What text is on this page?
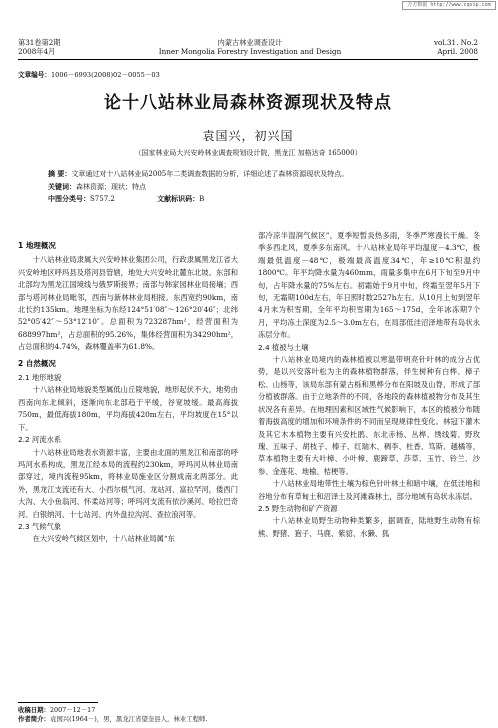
万方数据 http://www.cqvip.com
第31卷第2期
2008年4月
内蒙古林业调查设计
Inner Mongolia Forestry Investigation and Design
vol.31. No.2
April. 2008
文章编号：1006－6993(2008)02－0055－03
论十八站林业局森林资源现状及特点
袁国兴，初兴国
（国家林业局大兴安岭林业调查规划设计院，黑龙江 加格达奇 165000）
摘 要：文章通过对十八站林业局2005年二类调查数据的分析，详细论述了森林资源现状及特点。
关键词：森林资源；现状；特点
中图分类号：S757.2	文献标识码：B
1 地理概况

十八站林业局隶属大兴安岭林业集团公司，行政隶属黑龙江省大兴安岭地区呼玛县及塔河县管辖，地处大兴安岭北麓东北坡。东部和北部均为黑龙江国境线与俄罗斯接界；南部与韩家园林业局接壤；西部与塔河林业局毗邻，西南与新林林业局相接。东西宽约90km，南北长约135km。地理坐标为东经124°51′08″～126°20′46″；北纬52°05′42″～53°12′10″。总面积为723287hm²，经营面积为688997hm²，占总面积的95.26%，集体经营面积为34290hm²，占总面积的4.74%，森林覆盖率为61.8%。

2 自然概况
2.1 地形地貌

十八站林业局地貌类型属低山丘陵地貌，地形起伏不大，地势由西南向东北倾斜，逐渐向东北部趋于平缓，谷宽坡缓。最高海拔750m，最低海拔180m，平均海拔420m左右，平均坡度在15°以下。

2.2 河流水系

十八站林业局地表水资源丰富，主要由北面的黑龙江和南部的呼玛河水系构成，黑龙江经本局的流程约230km，呼玛河从林业局南部穿过，境内流程95km，将林业局施业区分割成南北两部分。此外，黑龙江支流还有大、小西尔根气河、龙站河、富拉罕河，倭西门大沟、大小鱼翁河、怀柔站河等；呼玛河支流有依沙溪河、哈拉巴奇河、白银纳河、十七站河、内外盘拉沟河、查拉浪河等。

2.3 气候气象

在大兴安岭气候区划中，十八站林业局属“东

部冷凉半湿润气候区”，夏季短暂炎热多雨，冬季严寒漫长干燥。冬季多西北风，夏季多东南风。十八站林业局年平均温度－4.3℃，极端最低温度－48℃，极端最高温度34℃，年≥10℃积温约1800℃。年平均降水量为460mm，雨量多集中在6月下旬至9月中旬，占年降水量的75%左右。初霜始于9月中旬，终霜至翌年5月下旬，无霜期100d左右，年日照时数2527h左右。从10月上旬到翌年4月末为积雪期，全年平均积雪期为165～175d，全年冰冻期7个月，平均冻土深度为2.5～3.0m左右，在局部低洼沼泽地带有岛状永冻层分布。

2.4 植被与土壤

十八站林业局境内的森林植被以寒温带明亮针叶林的成分占优势，是以兴安落叶松为主的森林植物群落，伴生树种有白桦、樟子松、山杨等，该局东部有蒙古栎和黑桦分布在阳坡及山脊，形成了部分植被群落。由于立地条件的不同，各地段的森林植被物分布及其生状况各有差异。在地理因素和区域性气候影响下，本区的植被分布随着海拔高度的增加和环境条件的不同而呈现规律性变化。林冠下灌木及其它木本植物主要有兴安杜鹃、东北赤杨、丛桦、绣线菊、野玫瑰、五味子、胡枝子、榛子、红瑞木、稠李、杜香、笃斯、越橘等，草本植物主要有大叶樟、小叶樟、鹿蹄草、莎草、玉竹、铃兰、沙参、金莲花、地榆、桔梗等。

十八站林业局地带性土壤为棕色针叶林土和暗中壤，在低洼地和谷地分布有草甸土和沼泽土及河滩森林土，部分地域有岛状永冻层。

2.5 野生动物和矿产资源

十八站林业局野生动物种类繁多，据调查，陆地野生动物有棕熊、野猪、狍子、马鹿、紫貂、水獭、狐

收稿日期：2007－12－17
作者简介：袁国兴(1964－)，男，黑龙江省望奎县人，林业工程师.
